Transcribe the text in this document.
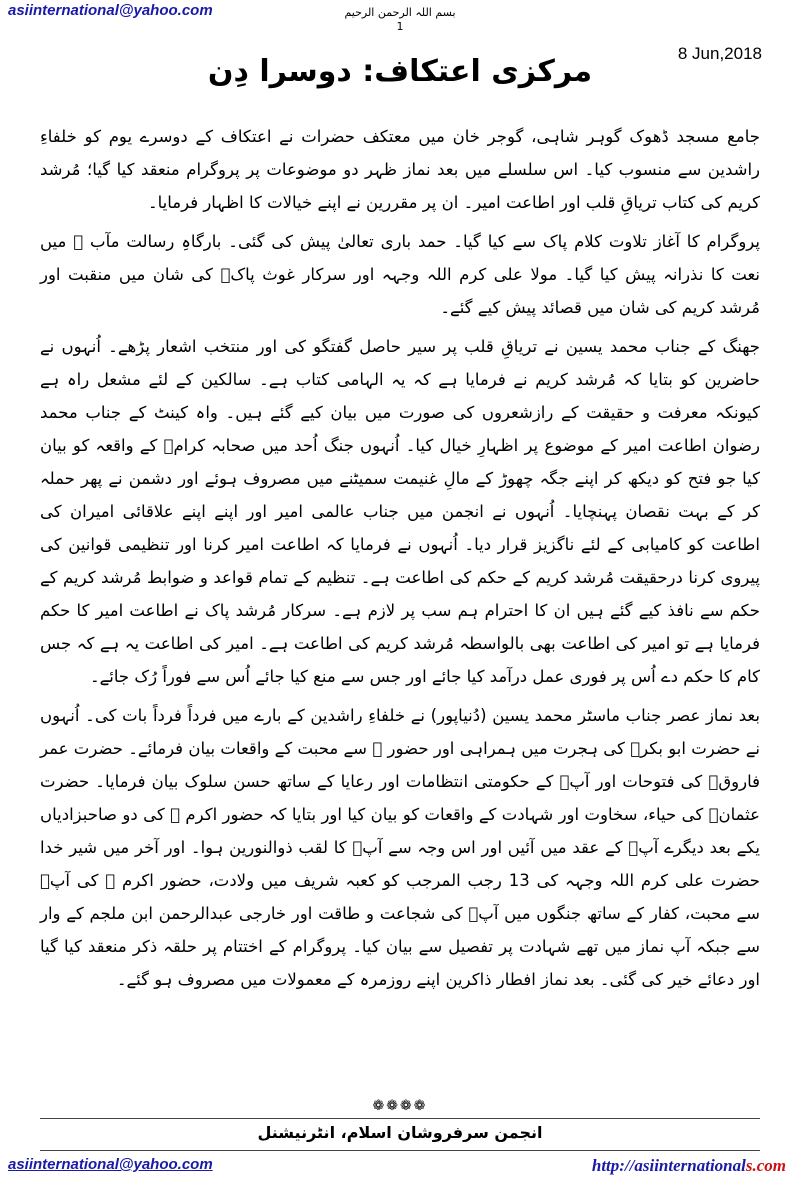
asiinternational@yahoo.com	بسم اللہ الرحمن الرحیم
1
8 Jun,2018
مرکزی اعتکاف: دوسرا دِن

جامع مسجد ڈھوک گوہر شاہی، گوجر خان میں معتکف حضرات نے اعتکاف کے دوسرے یوم کو خلفاءِ راشدین سے منسوب کیا۔ اس سلسلے میں بعد نماز ظہر دو موضوعات پر پروگرام منعقد کیا گیا؛ مُرشد کریم کی کتاب تریاقِ قلب اور اطاعت امیر۔ ان پر مقررین نے اپنے خیالات کا اظہار فرمایا۔

پروگرام کا آغاز تلاوت کلام پاک سے کیا گیا۔ حمد باری تعالیٰ پیش کی گئی۔ بارگاہِ رسالت مآب ﷺ میں نعت کا نذرانہ پیش کیا گیا۔ مولا علی کرم اللہ وجہہ اور سرکار غوث پاکؒ کی شان میں منقبت اور مُرشد کریم کی شان میں قصائد پیش کیے گئے۔

جھنگ کے جناب محمد یسین نے تریاقِ قلب پر سیر حاصل گفتگو کی اور منتخب اشعار پڑھے۔ اُنہوں نے حاضرین کو بتایا کہ مُرشد کریم نے فرمایا ہے کہ یہ الہامی کتاب ہے۔ سالکین کے لئے مشعل راہ ہے کیونکہ معرفت و حقیقت کے رازشعروں کی صورت میں بیان کیے گئے ہیں۔ واہ کینٹ کے جناب محمد رضوان اطاعت امیر کے موضوع پر اظہارِ خیال کیا۔ اُنہوں جنگ اُحد میں صحابہ کرامؓ کے واقعہ کو بیان کیا جو فتح کو دیکھ کر اپنے جگہ چھوڑ کے مالِ غنیمت سمیٹنے میں مصروف ہوئے اور دشمن نے پھر حملہ کر کے بہت نقصان پہنچایا۔ اُنہوں نے انجمن میں جناب عالمی امیر اور اپنے اپنے علاقائی امیران کی اطاعت کو کامیابی کے لئے ناگزیز قرار دیا۔ اُنہوں نے فرمایا کہ اطاعت امیر کرنا اور تنظیمی قوانین کی پیروی کرنا درحقیقت مُرشد کریم کے حکم کی اطاعت ہے۔ تنظیم کے تمام قواعد و ضوابط مُرشد کریم کے حکم سے نافذ کیے گئے ہیں ان کا احترام ہم سب پر لازم ہے۔ سرکار مُرشد پاک نے اطاعت امیر کا حکم فرمایا ہے تو امیر کی اطاعت بھی بالواسطہ مُرشد کریم کی اطاعت ہے۔ امیر کی اطاعت یہ ہے کہ جس کام کا حکم دے اُس پر فوری عمل درآمد کیا جائے اور جس سے منع کیا جائے اُس سے فوراً رُک جائے۔

بعد نماز عصر جناب ماسٹر محمد یسین (دُنیاپور) نے خلفاءِ راشدین کے بارے میں فرداً فرداً بات کی۔ اُنہوں نے حضرت ابو بکرؓ کی ہجرت میں ہمراہی اور حضور ﷺ سے محبت کے واقعات بیان فرمائے۔ حضرت عمر فاروقؓ کی فتوحات اور آپؓ کے حکومتی انتظامات اور رعایا کے ساتھ حسن سلوک بیان فرمایا۔ حضرت عثمانؓ کی حیاء، سخاوت اور شہادت کے واقعات کو بیان کیا اور بتایا کہ حضور اکرم ﷺ کی دو صاحبزادیاں یکے بعد دیگرے آپؓ کے عقد میں آئیں اور اس وجہ سے آپؓ کا لقب ذوالنورین ہوا۔ اور آخر میں شیر خدا حضرت علی کرم اللہ وجہہ کی 13 رجب المرجب کو کعبہ شریف میں ولادت، حضور اکرم ﷺ کی آپؓ سے محبت، کفار کے ساتھ جنگوں میں آپؓ کی شجاعت و طاقت اور خارجی عبدالرحمن ابن ملجم کے وار سے جبکہ آپ نماز میں تھے شہادت پر تفصیل سے بیان کیا۔ پروگرام کے اختتام پر حلقہ ذکر منعقد کیا گیا اور دعائے خیر کی گئی۔ بعد نماز افطار ذاکرین اپنے روزمرہ کے معمولات میں مصروف ہو گئے۔

❁❁❁❁
انجمن سرفروشان اسلام، انٹرنیشنل
asiinternational@yahoo.com	http://asiinternationals.com
